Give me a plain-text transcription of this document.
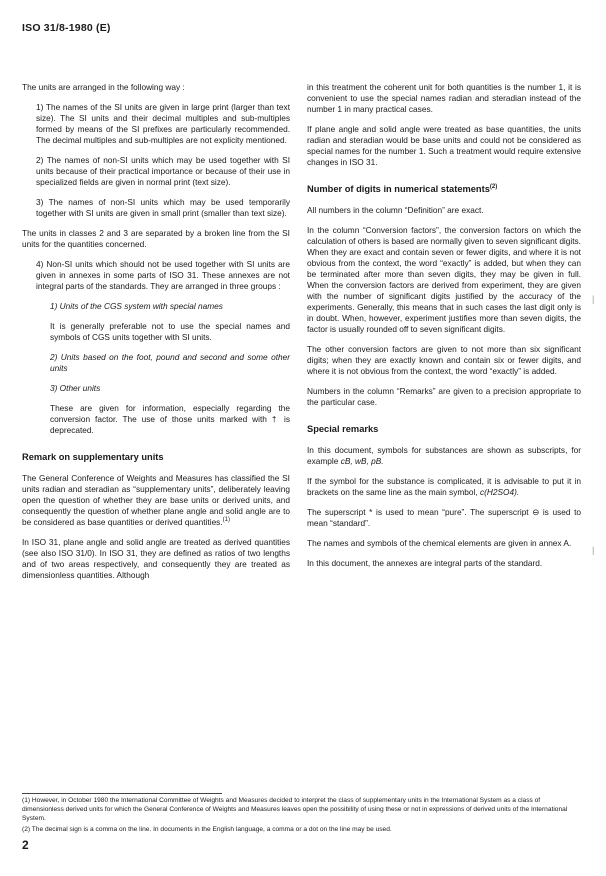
ISO 31/8-1980 (E)

The units are arranged in the following way :

1) The names of the SI units are given in large print (larger than text size). The SI units and their decimal multiples and sub-multiples formed by means of the SI prefixes are particularly recommended. The decimal multiples and sub-multiples are not explicity mentioned.

2) The names of non-SI units which may be used together with SI units because of their practical importance or because of their use in specialized fields are given in normal print (text size).

3) The names of non-SI units which may be used temporarily together with SI units are given in small print (smaller than text size).

The units in classes 2 and 3 are separated by a broken line from the SI units for the quantities concerned.

4) Non-SI units which should not be used together with SI units are given in annexes in some parts of ISO 31. These annexes are not integral parts of the standards. They are arranged in three groups :

1) Units of the CGS system with special names

It is generally preferable not to use the special names and symbols of CGS units together with SI units.

2) Units based on the foot, pound and second and some other units

3) Other units

These are given for information, especially regarding the conversion factor. The use of those units marked with † is deprecated.

Remark on supplementary units

The General Conference of Weights and Measures has classified the SI units radian and steradian as “supplementary units”, deliberately leaving open the question of whether they are base units or derived units, and consequently the question of whether plane angle and solid angle are to be considered as base quantities or derived quantities.$^{(1)}$

In ISO 31, plane angle and solid angle are treated as derived quantities (see also ISO 31/0). In ISO 31, they are defined as ratios of two lengths and of two areas respectively, and consequently they are treated as dimensionless quantities. Although

in this treatment the coherent unit for both quantities is the number 1, it is convenient to use the special names radian and steradian instead of the number 1 in many practical cases.

If plane angle and solid angle were treated as base quantities, the units radian and steradian would be base units and could not be considered as special names for the number 1. Such a treatment would require extensive changes in ISO 31.

Number of digits in numerical statements$^{(2)}$

All numbers in the column “Definition” are exact.

In the column “Conversion factors”, the conversion factors on which the calculation of others is based are normally given to seven significant digits. When they are exact and contain seven or fewer digits, and where it is not obvious from the context, the word “exactly” is added, but when they can be terminated after more than seven digits, they may be given in full. When the conversion factors are derived from experiment, they are given with the number of significant digits justified by the accuracy of the experiments. Generally, this means that in such cases the last digit only is in doubt. When, however, experiment justifies more than seven digits, the factor is usually rounded off to seven significant digits.

The other conversion factors are given to not more than six significant digits; when they are exactly known and contain six or fewer digits, and where it is not obvious from the context, the word “exactly” is added.

Numbers in the column “Remarks” are given to a precision appropriate to the particular case.

Special remarks

In this document, symbols for substances are shown as subscripts, for example cB, wB, pB.

If the symbol for the substance is complicated, it is advisable to put it in brackets on the same line as the main symbol, c(H2SO4).

The superscript * is used to mean “pure”. The superscript ⊖ is used to mean “standard”.

The names and symbols of the chemical elements are given in annex A.

In this document, the annexes are integral parts of the standard.

|
|
(1) However, in October 1980 the International Committee of Weights and Measures decided to interpret the class of supplementary units in the International System as a class of dimensionless derived units for which the General Conference of Weights and Measures leaves open the possibility of using these or not in expressions of derived units of the International System.
(2) The decimal sign is a comma on the line. In documents in the English language, a comma or a dot on the line may be used.
2
